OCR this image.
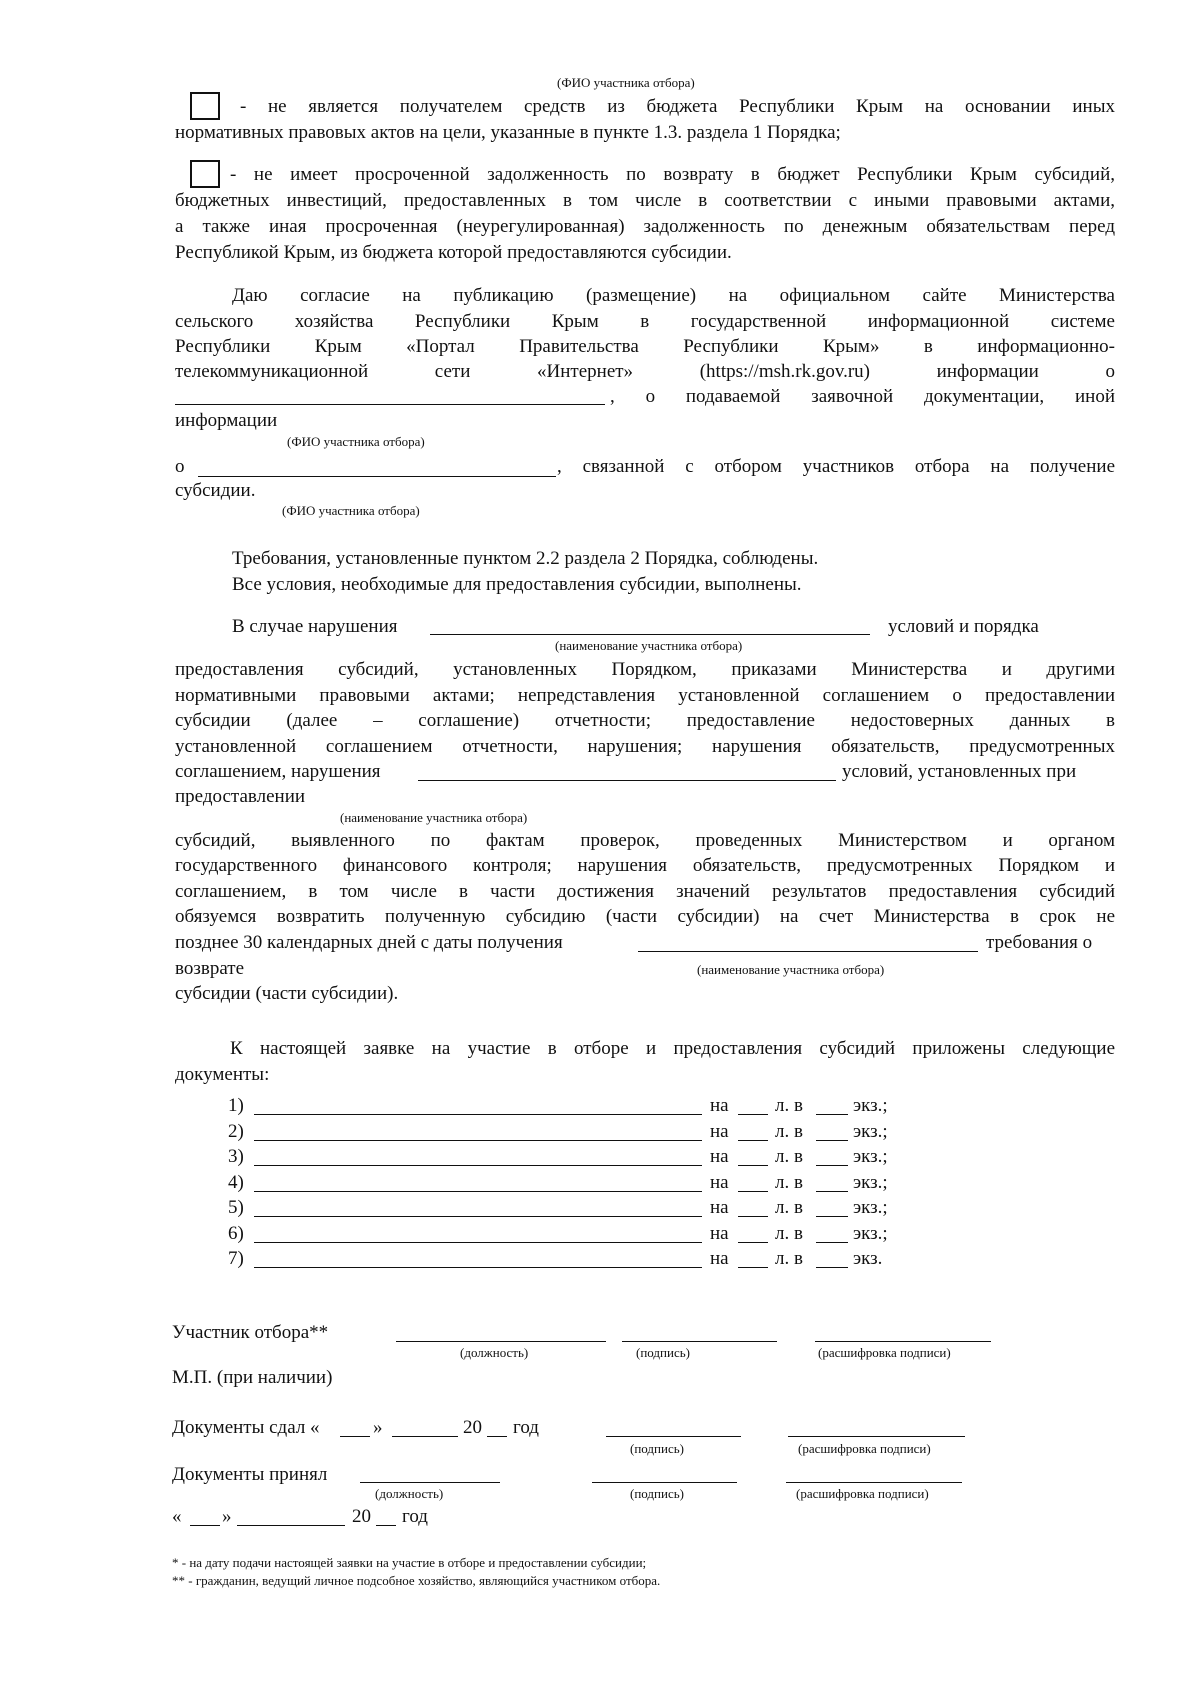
(ФИО участника отбора)
- не является получателем средств из бюджета Республики Крым на основании иных
нормативных правовых актов на цели, указанные в пункте 1.3. раздела 1 Порядка;
- не имеет просроченной задолженность по возврату в бюджет Республики Крым субсидий,
бюджетных инвестиций, предоставленных в том числе в соответствии с иными правовыми актами,
а также иная просроченная (неурегулированная) задолженность по денежным обязательствам перед
Республикой Крым, из бюджета которой предоставляются субсидии.
Даю согласие на публикацию (размещение) на официальном сайте Министерства
сельского хозяйства Республики Крым в государственной информационной системе
Республики Крым «Портал Правительства Республики Крым» в информационно-
телекоммуникационной сети «Интернет» (https://msh.rk.gov.ru) информации о
, о подаваемой заявочной документации, иной
информации
(ФИО участника отбора)
о	, связанной с отбором участников отбора на получение
субсидии.
(ФИО участника отбора)
Требования, установленные пунктом 2.2 раздела 2 Порядка, соблюдены.
Все условия, необходимые для предоставления субсидии, выполнены.
В случае нарушения	условий и порядка
(наименование участника отбора)
предоставления субсидий, установленных Порядком, приказами Министерства и другими
нормативными правовыми актами; непредставления установленной соглашением о предоставлении
субсидии (далее – соглашение) отчетности; предоставление недостоверных данных в
установленной соглашением отчетности, нарушения; нарушения обязательств, предусмотренных
соглашением, нарушения	условий, установленных при
предоставлении
(наименование участника отбора)
субсидий, выявленного по фактам проверок, проведенных Министерством и органом
государственного финансового контроля; нарушения обязательств, предусмотренных Порядком и
соглашением, в том числе в части достижения значений результатов предоставления субсидий
обязуемся возвратить полученную субсидию (части субсидии) на счет Министерства в срок не
позднее 30 календарных дней с даты получения	требования о
возврате	(наименование участника отбора)
субсидии (части субсидии).
К настоящей заявке на участие в отборе и предоставления субсидий приложены следующие
документы:
1)	на л. в	экз.;
2)	на л. в	экз.;
3)	на л. в	экз.;
4)	на л. в	экз.;
5)	на л. в	экз.;
6)	на л. в	экз.;
7)	на л. в	экз.
Участник отбора**
(должность)	(подпись)	(расшифровка подписи)
М.П. (при наличии)
Документы сдал «	»	20 год
(подпись)	(расшифровка подписи)
Документы принял
(должность)	(подпись)	(расшифровка подписи)
« »	20 год
* - на дату подачи настоящей заявки на участие в отборе и предоставлении субсидии;
** - гражданин, ведущий личное подсобное хозяйство, являющийся участником отбора.
